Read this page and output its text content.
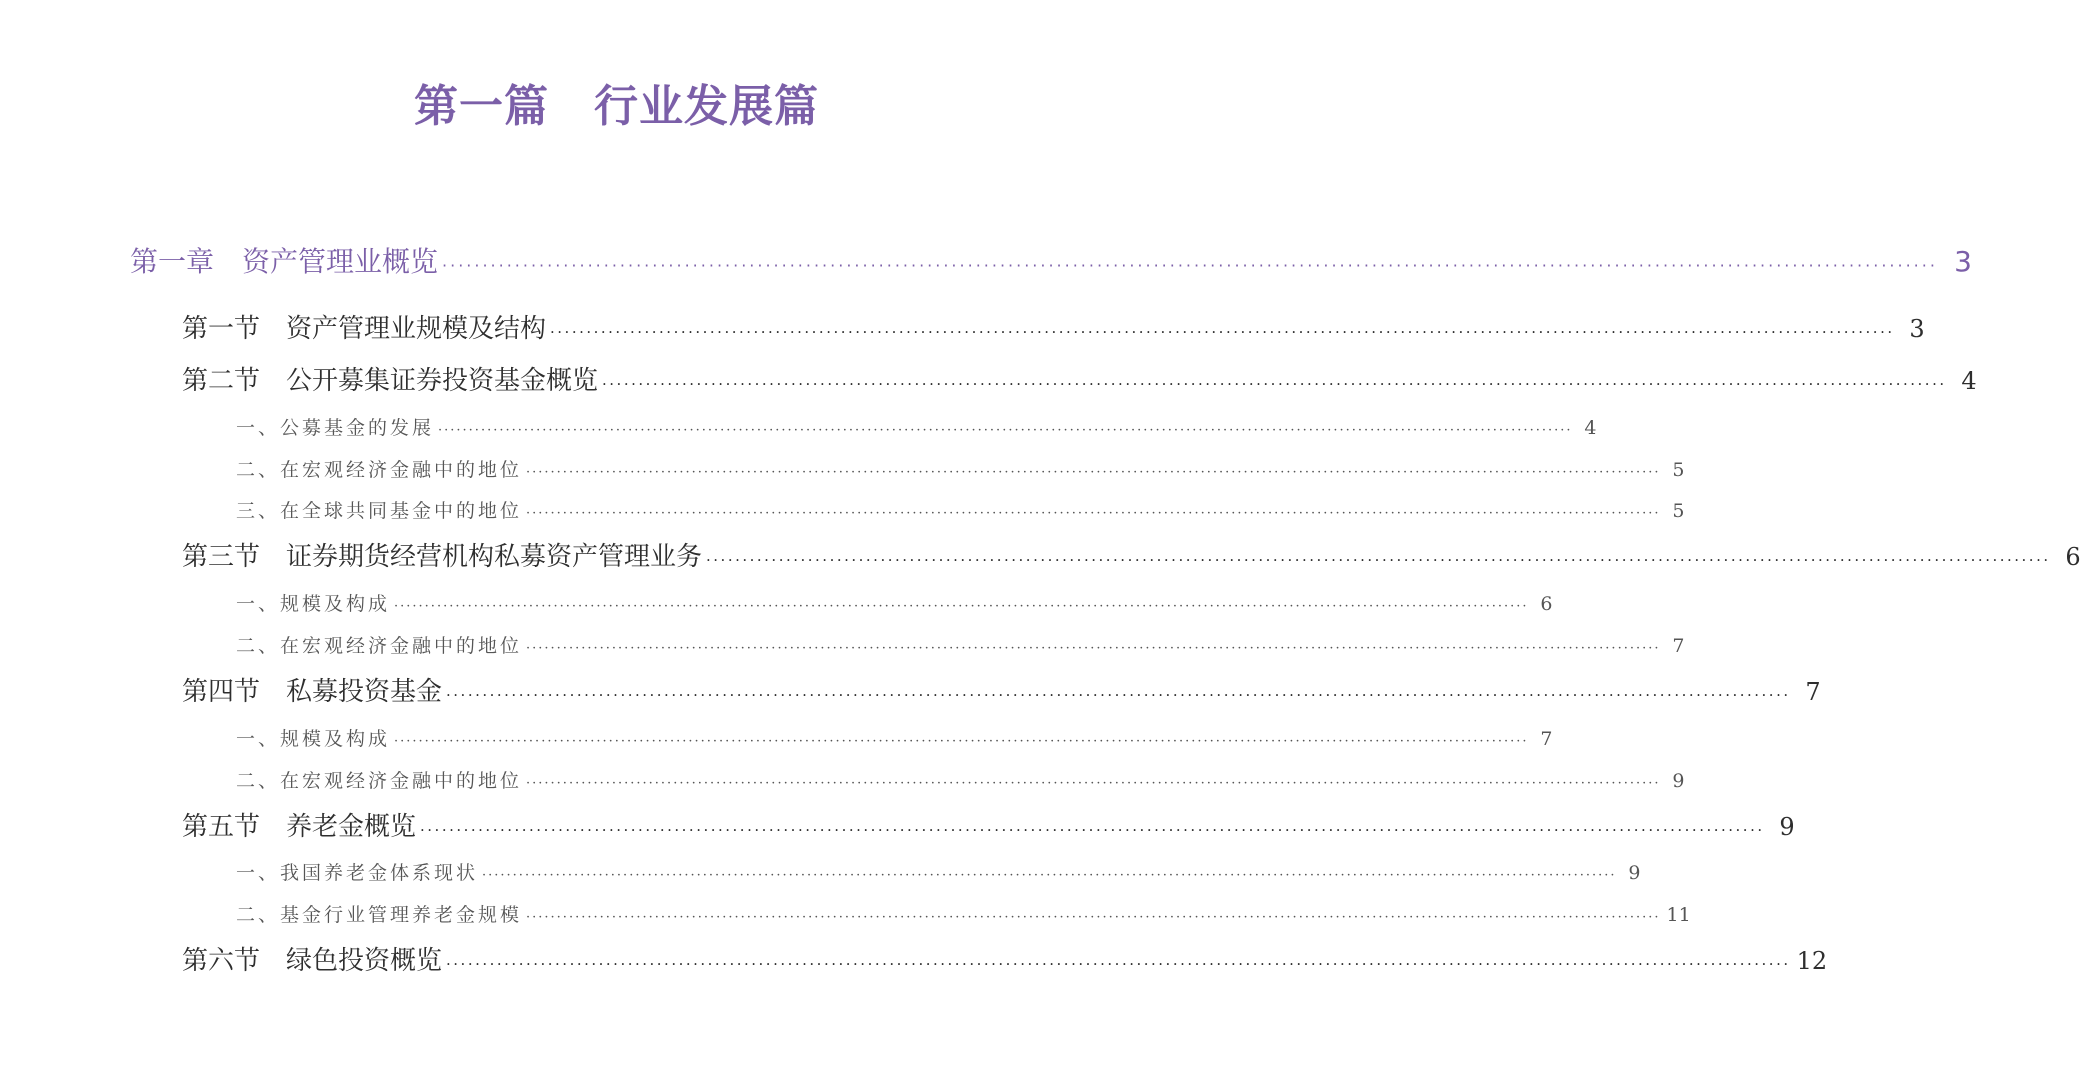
第一篇　行业发展篇
第一章　资产管理业概览 ························································································································································································· 3
第一节　资产管理业规模及结构 ························································································································································································· 3
第二节　公开募集证券投资基金概览 ························································································································································································· 4
一、公募基金的发展 ························································································································································································· 4
二、在宏观经济金融中的地位 ························································································································································································· 5
三、在全球共同基金中的地位 ························································································································································································· 5
第三节　证券期货经营机构私募资产管理业务 ························································································································································································· 6
一、规模及构成 ························································································································································································· 6
二、在宏观经济金融中的地位 ························································································································································································· 7
第四节　私募投资基金 ························································································································································································· 7
一、规模及构成 ························································································································································································· 7
二、在宏观经济金融中的地位 ························································································································································································· 9
第五节　养老金概览 ························································································································································································· 9
一、我国养老金体系现状 ························································································································································································· 9
二、基金行业管理养老金规模 ························································································································································································· 11
第六节　绿色投资概览 ························································································································································································· 12
